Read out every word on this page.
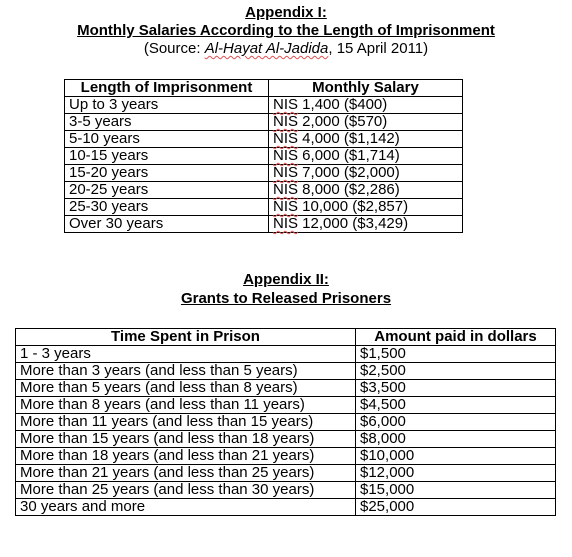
Appendix I:
Monthly Salaries According to the Length of Imprisonment
(Source: Al-Hayat Al-Jadida, 15 April 2011)
Length of Imprisonment	Monthly Salary
Up to 3 years	NIS 1,400 ($400)
3-5 years	NIS 2,000 ($570)
5-10 years	NIS 4,000 ($1,142)
10-15 years	NIS 6,000 ($1,714)
15-20 years	NIS 7,000 ($2,000)
20-25 years	NIS 8,000 ($2,286)
25-30 years	NIS 10,000 ($2,857)
Over 30 years	NIS 12,000 ($3,429)
Appendix II:
Grants to Released Prisoners
Time Spent in Prison	Amount paid in dollars
1 - 3 years	$1,500
More than 3 years (and less than 5 years)	$2,500
More than 5 years (and less than 8 years)	$3,500
More than 8 years (and less than 11 years)	$4,500
More than 11 years (and less than 15 years)	$6,000
More than 15 years (and less than 18 years)	$8,000
More than 18 years (and less than 21 years)	$10,000
More than 21 years (and less than 25 years)	$12,000
More than 25 years (and less than 30 years)	$15,000
30 years and more	$25,000
